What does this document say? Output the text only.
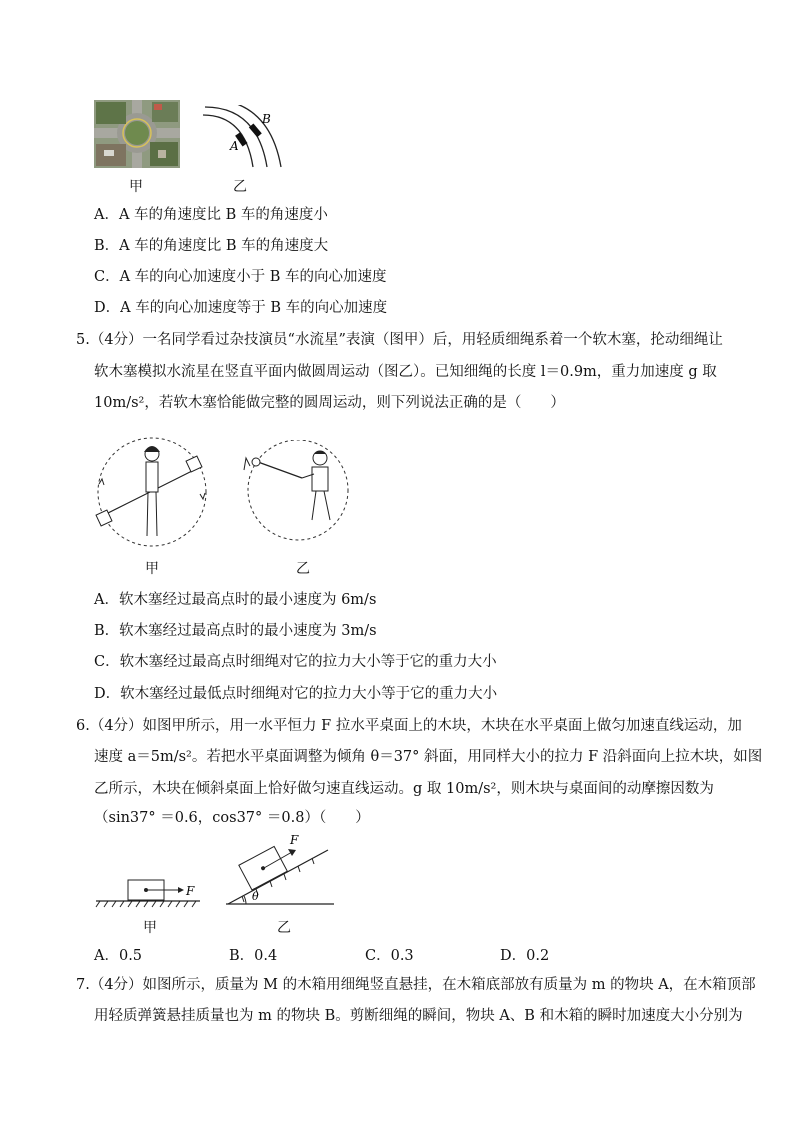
甲
A
B
乙
A．A 车的角速度比 B 车的角速度小
B．A 车的角速度比 B 车的角速度大
C．A 车的向心加速度小于 B 车的向心加速度
D．A 车的向心加速度等于 B 车的向心加速度
5.（4分）一名同学看过杂技演员“水流星”表演（图甲）后，用轻质细绳系着一个软木塞，抡动细绳让
软木塞模拟水流星在竖直平面内做圆周运动（图乙）。已知细绳的长度 l＝0.9m，重力加速度 g 取
10m/s²，若软木塞恰能做完整的圆周运动，则下列说法正确的是（　　）
甲	乙
A．软木塞经过最高点时的最小速度为 6m/s
B．软木塞经过最高点时的最小速度为 3m/s
C．软木塞经过最高点时细绳对它的拉力大小等于它的重力大小
D．软木塞经过最低点时细绳对它的拉力大小等于它的重力大小
6.（4分）如图甲所示，用一水平恒力 F 拉水平桌面上的木块，木块在水平桌面上做匀加速直线运动，加
速度 a＝5m/s²。若把水平桌面调整为倾角 θ＝37° 斜面，用同样大小的拉力 F 沿斜面向上拉木块，如图
乙所示，木块在倾斜桌面上恰好做匀速直线运动。g 取 10m/s²，则木块与桌面间的动摩擦因数为
（sin37° ＝0.6，cos37° ＝0.8）（　　）
F
甲
F
θ
乙
A．0.5	B．0.4	C．0.3	D．0.2
7.（4分）如图所示，质量为 M 的木箱用细绳竖直悬挂，在木箱底部放有质量为 m 的物块 A，在木箱顶部
用轻质弹簧悬挂质量也为 m 的物块 B。剪断细绳的瞬间，物块 A、B 和木箱的瞬时加速度大小分别为
